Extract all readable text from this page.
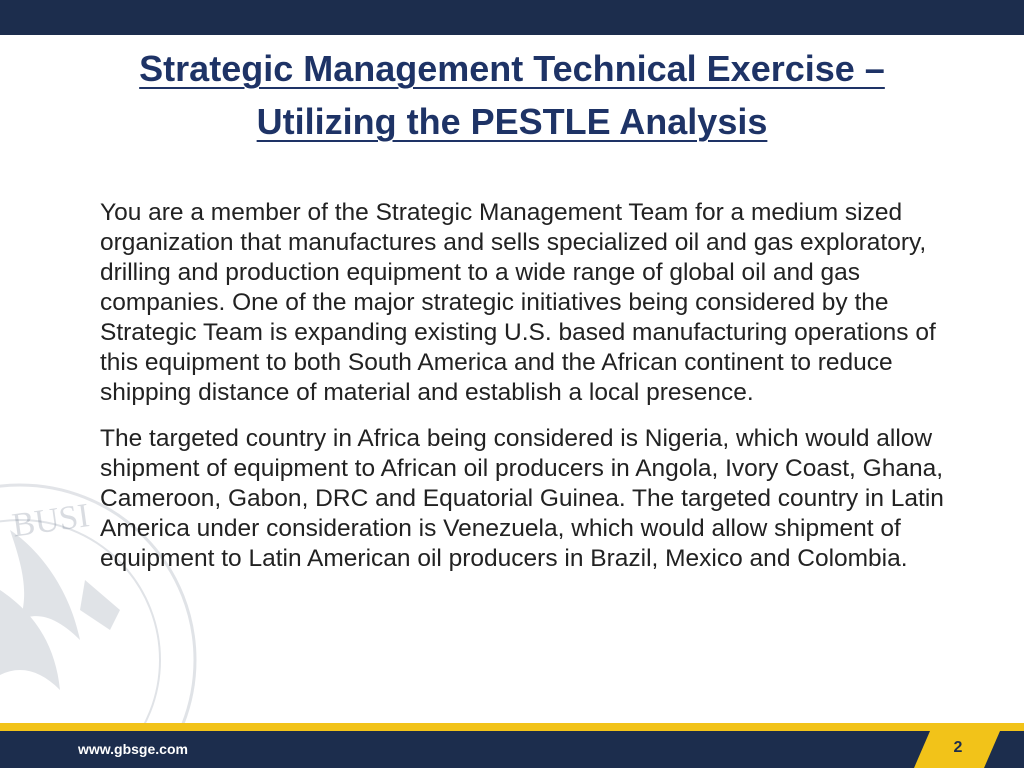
BUSI
Strategic Management Technical Exercise –
Utilizing the PESTLE Analysis

You are a member of the Strategic Management Team for a medium sized organization that manufactures and sells specialized oil and gas exploratory, drilling and production equipment to a wide range of global oil and gas companies. One of the major strategic initiatives being considered by the Strategic Team is expanding existing U.S. based manufacturing operations of this equipment to both South America and the African continent to reduce shipping distance of material and establish a local presence.

The targeted country in Africa being considered is Nigeria, which would allow shipment of equipment to African oil producers in Angola, Ivory Coast, Ghana, Cameroon, Gabon, DRC and Equatorial Guinea. The targeted country in Latin America under consideration is Venezuela, which would allow shipment of equipment to Latin American oil producers in Brazil, Mexico and Colombia.

www.gbsge.com	2
